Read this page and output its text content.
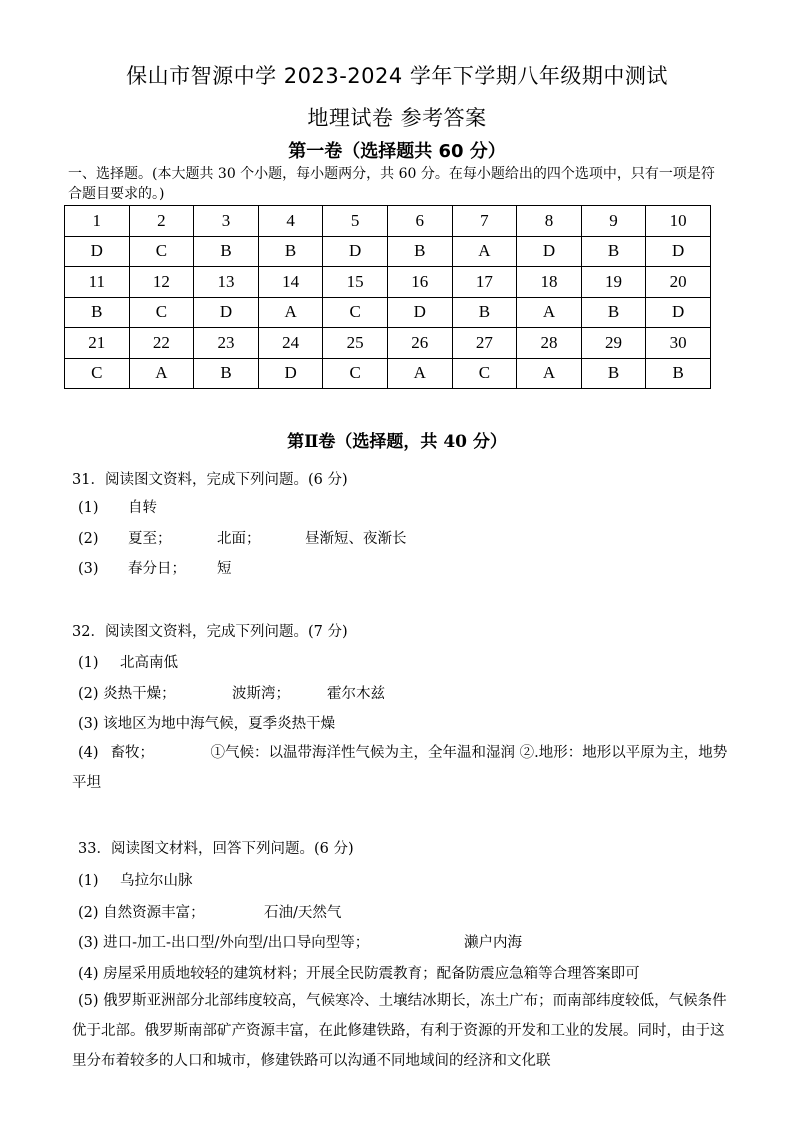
保山市智源中学 2023-2024 学年下学期八年级期中测试
地理试卷 参考答案
第一卷（选择题共 60 分）
一、选择题。(本大题共 30 个小题，每小题两分，共 60 分。在每小题给出的四个选项中，只有一项是符合题目要求的。)
1	2	3	4	5	6	7	8	9	10
D	C	B	B	D	B	A	D	B	D
11	12	13	14	15	16	17	18	19	20
B	C	D	A	C	D	B	A	B	D
21	22	23	24	25	26	27	28	29	30
C	A	B	D	C	A	C	A	B	B
第Ⅱ卷（选择题，共 40 分）
31．阅读图文资料，完成下列问题。(6 分)
(1) 自转
(2) 夏至；	北面；	昼渐短、夜渐长
(3) 春分日； 短
32．阅读图文资料，完成下列问题。(7 分)
(1) 北高南低
(2) 炎热干燥；	波斯湾；	霍尔木兹
(3) 该地区为地中海气候，夏季炎热干燥
(4) 畜牧；	①气候：以温带海洋性气候为主，全年温和湿润 ②.地形：地形以平原为主，地势平坦
33．阅读图文材料，回答下列问题。(6 分)
(1) 乌拉尔山脉
(2) 自然资源丰富；	石油/天然气
(3) 进口-加工-出口型/外向型/出口导向型等；	濑户内海
(4) 房屋采用质地较轻的建筑材料；开展全民防震教育；配备防震应急箱等合理答案即可
(5) 俄罗斯亚洲部分北部纬度较高，气候寒冷、土壤结冰期长，冻土广布；而南部纬度较低，气候条件优于北部。俄罗斯南部矿产资源丰富，在此修建铁路，有利于资源的开发和工业的发展。同时，由于这里分布着较多的人口和城市，修建铁路可以沟通不同地域间的经济和文化联
